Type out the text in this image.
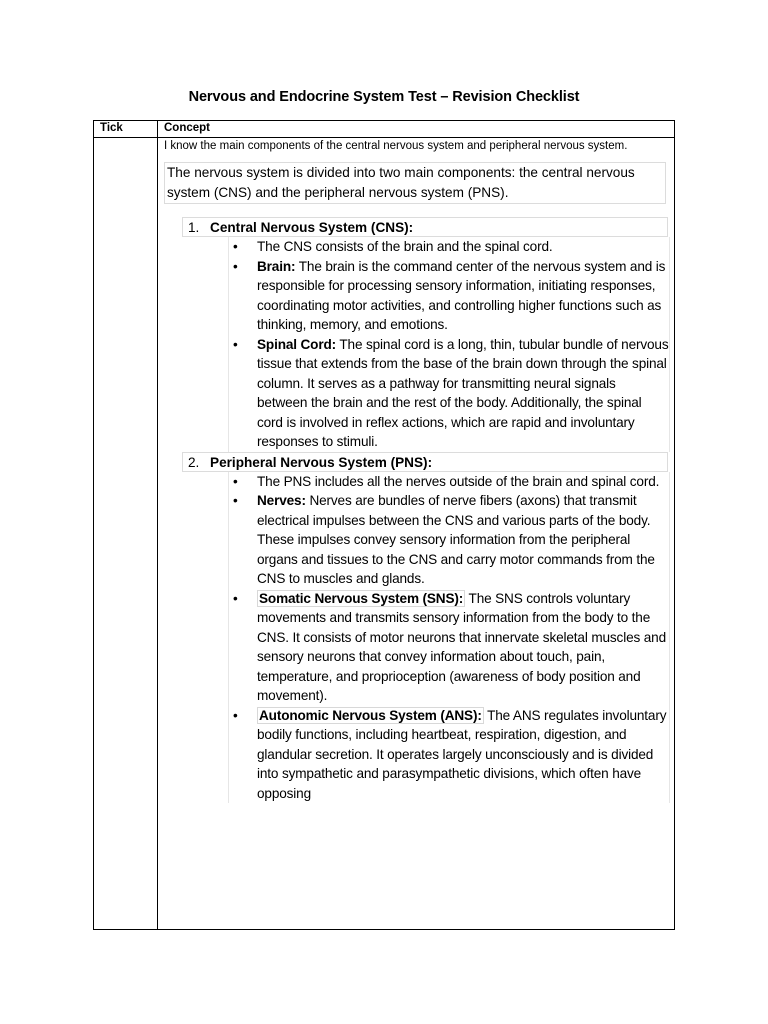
Nervous and Endocrine System Test – Revision Checklist
Tick	Concept
I know the main components of the central nervous system and peripheral nervous system.
The nervous system is divided into two main components: the central nervous system (CNS) and the peripheral nervous system (PNS).
1. Central Nervous System (CNS):
• The CNS consists of the brain and the spinal cord.
• Brain: The brain is the command center of the nervous system and is responsible for processing sensory information, initiating responses, coordinating motor activities, and controlling higher functions such as thinking, memory, and emotions.
• Spinal Cord: The spinal cord is a long, thin, tubular bundle of nervous tissue that extends from the base of the brain down through the spinal column. It serves as a pathway for transmitting neural signals between the brain and the rest of the body. Additionally, the spinal cord is involved in reflex actions, which are rapid and involuntary responses to stimuli.
2. Peripheral Nervous System (PNS):
• The PNS includes all the nerves outside of the brain and spinal cord.
• Nerves: Nerves are bundles of nerve fibers (axons) that transmit electrical impulses between the CNS and various parts of the body. These impulses convey sensory information from the peripheral organs and tissues to the CNS and carry motor commands from the CNS to muscles and glands.
• Somatic Nervous System (SNS): The SNS controls voluntary movements and transmits sensory information from the body to the CNS. It consists of motor neurons that innervate skeletal muscles and sensory neurons that convey information about touch, pain, temperature, and proprioception (awareness of body position and movement).
• Autonomic Nervous System (ANS): The ANS regulates involuntary bodily functions, including heartbeat, respiration, digestion, and glandular secretion. It operates largely unconsciously and is divided into sympathetic and parasympathetic divisions, which often have opposing
